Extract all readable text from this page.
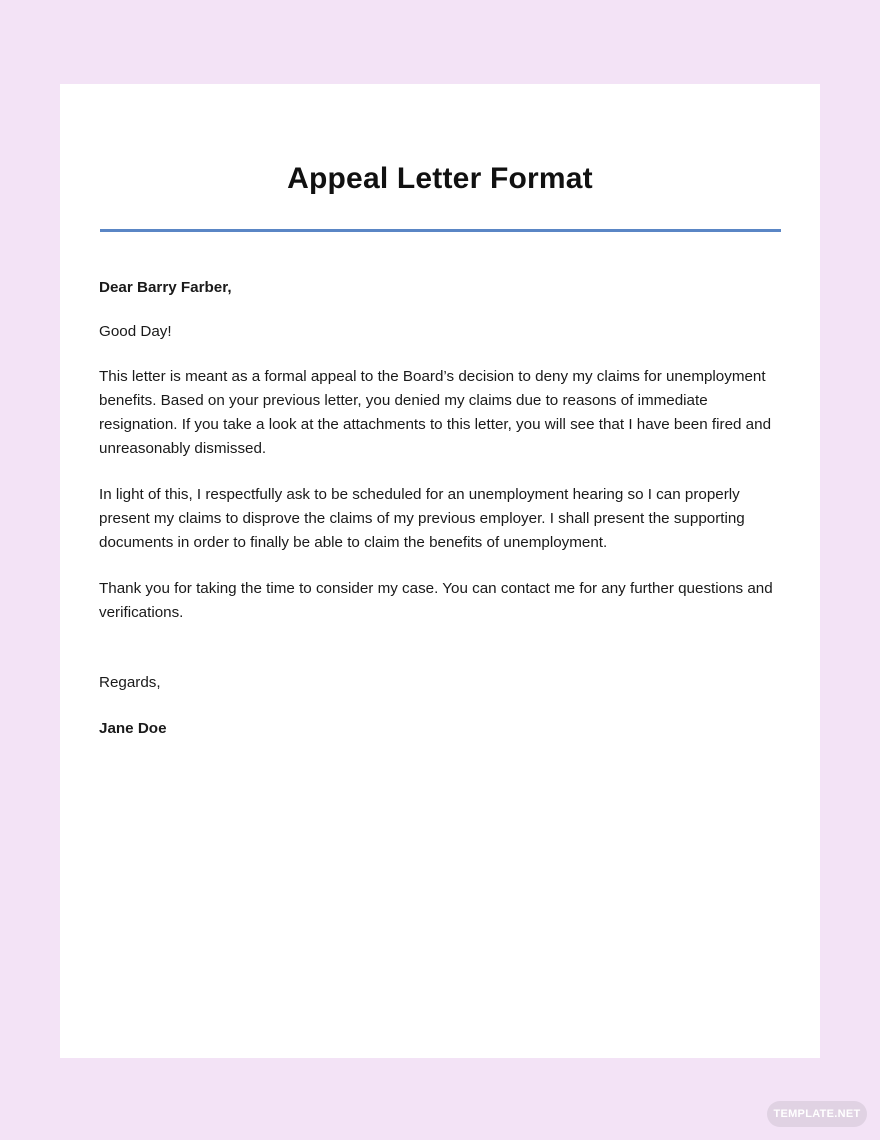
Appeal Letter Format

Dear Barry Farber,

Good Day!

This letter is meant as a formal appeal to the Board’s decision to deny my claims for unemployment benefits. Based on your previous letter, you denied my claims due to reasons of immediate resignation. If you take a look at the attachments to this letter, you will see that I have been fired and unreasonably dismissed.

In light of this, I respectfully ask to be scheduled for an unemployment hearing so I can properly present my claims to disprove the claims of my previous employer. I shall present the supporting documents in order to finally be able to claim the benefits of unemployment.

Thank you for taking the time to consider my case. You can contact me for any further questions and verifications.

Regards,

Jane Doe

TEMPLATE.NET
